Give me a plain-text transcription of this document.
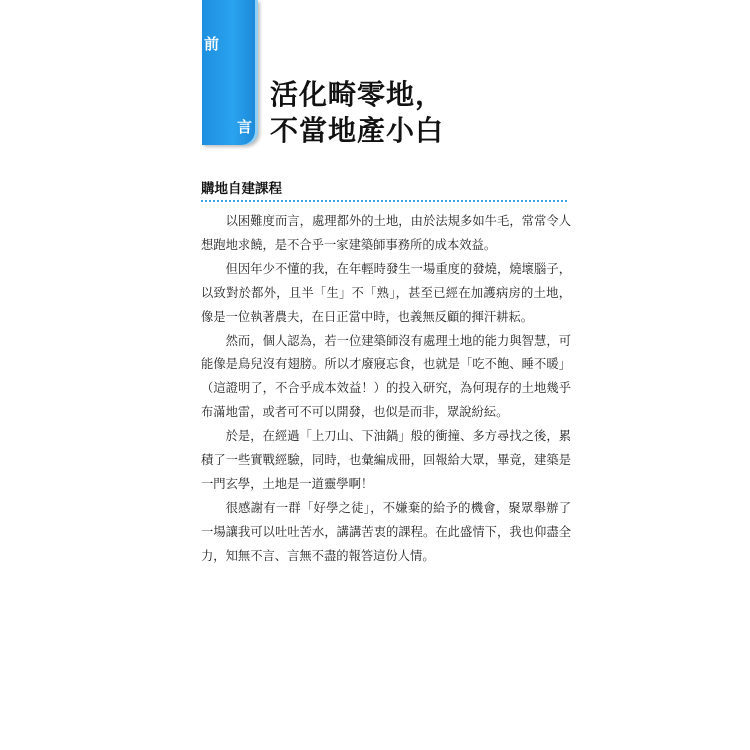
前
言
活化畸零地，
不當地產小白
購地自建課程

以困難度而言，處理都外的土地，由於法規多如牛毛，常常令人想跑地求饒，是不合乎一家建築師事務所的成本效益。

但因年少不懂的我，在年輕時發生一場重度的發燒，燒壞腦子，以致對於都外，且半「生」不「熟」，甚至已經在加護病房的土地，像是一位執著農夫，在日正當中時，也義無反顧的揮汗耕耘。

然而，個人認為，若一位建築師沒有處理土地的能力與智慧，可能像是鳥兒沒有翅膀。所以才廢寢忘食，也就是「吃不飽、睡不暖」（這證明了，不合乎成本效益！）的投入研究，為何現存的土地幾乎布滿地雷，或者可不可以開發，也似是而非，眾說紛紜。

於是，在經過「上刀山、下油鍋」般的衝撞、多方尋找之後，累積了一些實戰經驗，同時，也彙編成冊，回報給大眾，畢竟，建築是一門玄學，土地是一道靈學啊！

很感謝有一群「好學之徒」，不嫌棄的給予的機會，聚眾舉辦了一場讓我可以吐吐苦水，講講苦衷的課程。在此盛情下，我也仰盡全力，知無不言、言無不盡的報答這份人情。
